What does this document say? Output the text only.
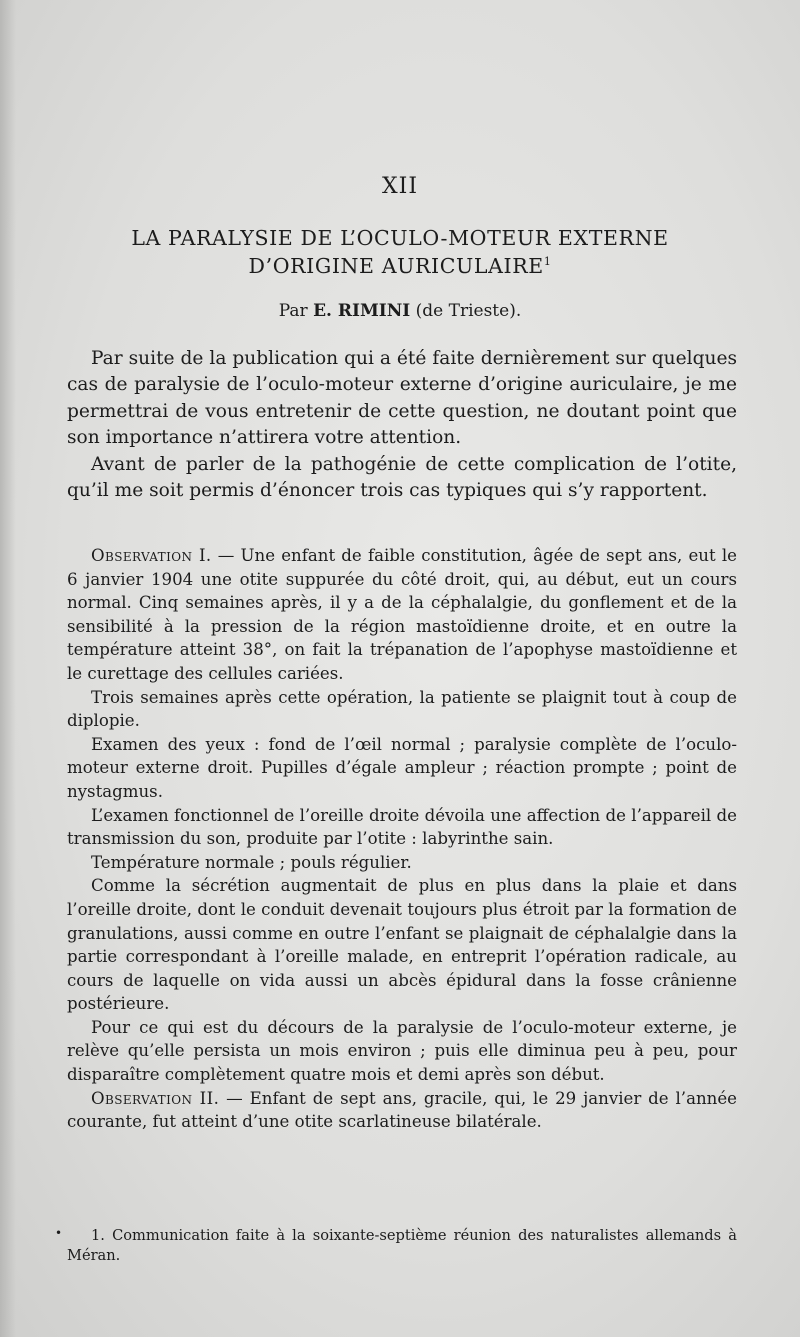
XII
LA PARALYSIE DE L’OCULO-MOTEUR EXTERNE
D’ORIGINE AURICULAIRE$^1$
Par E. RIMINI (de Trieste).
Par suite de la publication qui a été faite dernièrement sur quelques cas de paralysie de l’oculo-moteur externe d’origine auriculaire, je me permettrai de vous entretenir de cette question, ne doutant point que son importance n’attirera votre attention.
Avant de parler de la pathogénie de cette complication de l’otite, qu’il me soit permis d’énoncer trois cas typiques qui s’y rapportent.
Observation I. — Une enfant de faible constitution, âgée de sept ans, eut le 6 janvier 1904 une otite suppurée du côté droit, qui, au début, eut un cours normal. Cinq semaines après, il y a de la céphalalgie, du gonflement et de la sensibilité à la pression de la région mastoïdienne droite, et en outre la température atteint 38°, on fait la trépanation de l’apophyse mastoïdienne et le curettage des cellules cariées.
Trois semaines après cette opération, la patiente se plaignit tout à coup de diplopie.
Examen des yeux : fond de l’œil normal ; paralysie complète de l’oculo-moteur externe droit. Pupilles d’égale ampleur ; réaction prompte ; point de nystagmus.
L’examen fonctionnel de l’oreille droite dévoila une affection de l’appareil de transmission du son, produite par l’otite : labyrinthe sain.
Température normale ; pouls régulier.
Comme la sécrétion augmentait de plus en plus dans la plaie et dans l’oreille droite, dont le conduit devenait toujours plus étroit par la formation de granulations, aussi comme en outre l’enfant se plaignait de céphalalgie dans la partie correspondant à l’oreille malade, en entreprit l’opération radicale, au cours de laquelle on vida aussi un abcès épidural dans la fosse crânienne postérieure.
Pour ce qui est du décours de la paralysie de l’oculo-moteur externe, je relève qu’elle persista un mois environ ; puis elle diminua peu à peu, pour disparaître complètement quatre mois et demi après son début.
Observation II. — Enfant de sept ans, gracile, qui, le 29 janvier de l’année courante, fut atteint d’une otite scarlatineuse bilatérale.
•	1. Communication faite à la soixante-septième réunion des naturalistes allemands à Méran.
